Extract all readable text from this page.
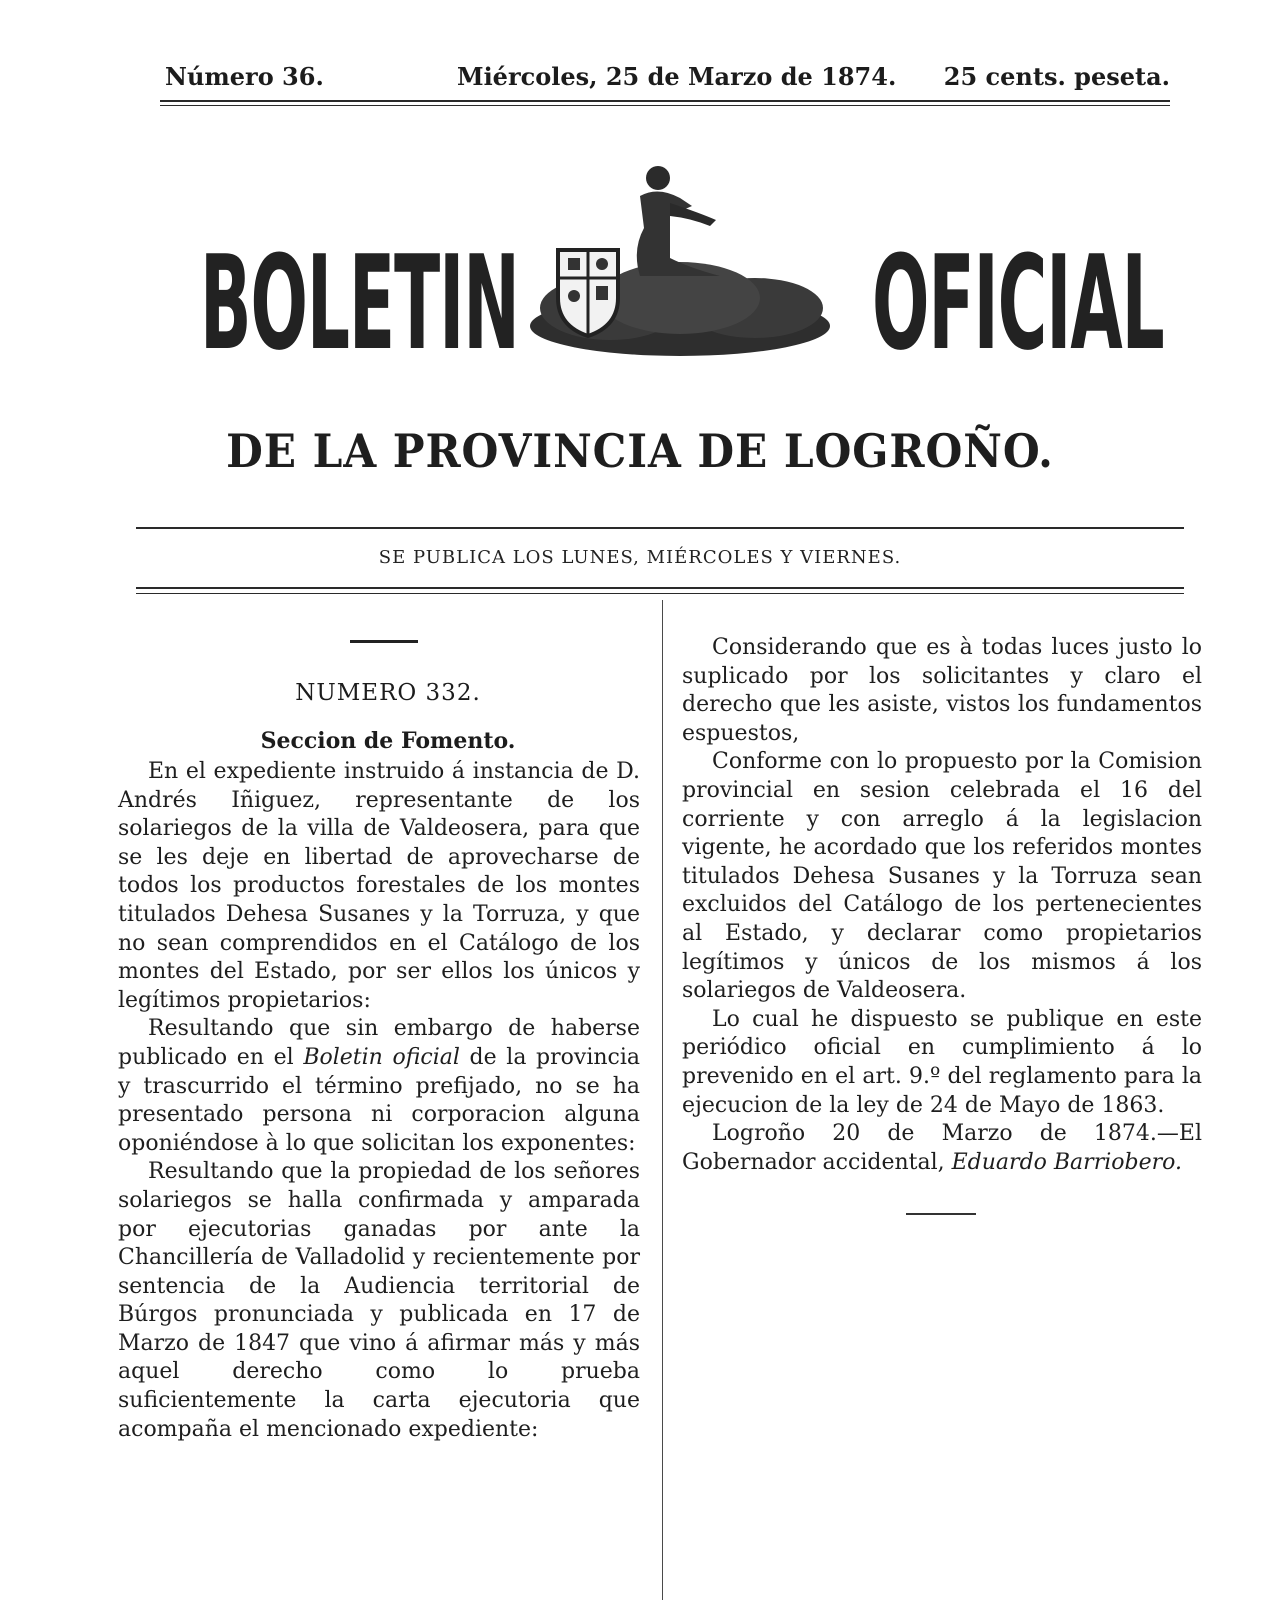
Número 36.	Miércoles, 25 de Marzo de 1874. 25 cents. peseta.
BOLETIN	OFICIAL
DE LA PROVINCIA DE LOGROÑO.
SE PUBLICA LOS LUNES, MIÉRCOLES Y VIERNES.
NUMERO 332.
Seccion de Fomento.

En el expediente instruido á instancia de D. Andrés Iñiguez, representante de los solariegos de la villa de Valdeosera, para que se les deje en libertad de aprovecharse de todos los productos forestales de los montes titulados Dehesa Susanes y la Torruza, y que no sean comprendidos en el Catálogo de los montes del Estado, por ser ellos los únicos y legítimos propietarios:

Resultando que sin embargo de haberse publicado en el Boletin oficial de la provincia y trascurrido el término prefijado, no se ha presentado persona ni corporacion alguna oponiéndose à lo que solicitan los exponentes:

Resultando que la propiedad de los señores solariegos se halla confirmada y amparada por ejecutorias ganadas por ante la Chancillería de Valladolid y recientemente por sentencia de la Audiencia territorial de Búrgos pronunciada y publicada en 17 de Marzo de 1847 que vino á afirmar más y más aquel derecho como lo prueba suficientemente la carta ejecutoria que acompaña el mencionado expediente:

Considerando que es à todas luces justo lo suplicado por los solicitantes y claro el derecho que les asiste, vistos los fundamentos espuestos,

Conforme con lo propuesto por la Comision provincial en sesion celebrada el 16 del corriente y con arreglo á la legislacion vigente, he acordado que los referidos montes titulados Dehesa Susanes y la Torruza sean excluidos del Catálogo de los pertenecientes al Estado, y declarar como propietarios legítimos y únicos de los mismos á los solariegos de Valdeosera.

Lo cual he dispuesto se publique en este periódico oficial en cumplimiento á lo prevenido en el art. 9.º del reglamento para la ejecucion de la ley de 24 de Mayo de 1863.

Logroño 20 de Marzo de 1874.—El Gobernador accidental, Eduardo Barriobero.
